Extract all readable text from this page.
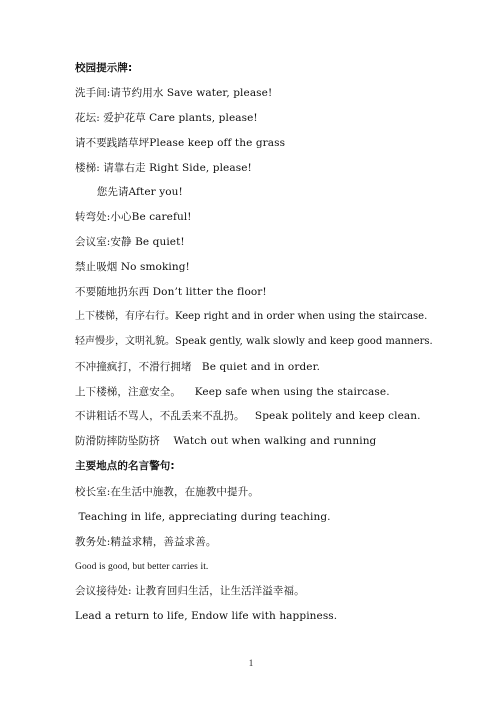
校园提示牌:
洗手间:请节约用水 Save water, please!
花坛: 爱护花草 Care plants, please!
请不要践踏草坪Please keep off the grass
楼梯: 请靠右走 Right Side, please!
您先请After you!
转弯处:小心Be careful!
会议室:安静 Be quiet!
禁止吸烟 No smoking!
不要随地扔东西 Don’t litter the floor!
上下楼梯，有序右行。Keep right and in order when using the staircase.
轻声慢步，文明礼貌。Speak gently, walk slowly and keep good manners.
不冲撞疯打，不滑行拥堵   Be quiet and in order.
上下楼梯，注意安全。    Keep safe when using the staircase.
不讲粗话不骂人，不乱丢来不乱扔。   Speak politely and keep clean.
防滑防摔防坠防挤    Watch out when walking and running
主要地点的名言警句:
校长室:在生活中施教，在施教中提升。
Teaching in life, appreciating during teaching.
教务处:精益求精，善益求善。
Good is good, but better carries it.
会议接待处: 让教育回归生活，让生活洋溢幸福。
Lead a return to life, Endow life with happiness.
1
